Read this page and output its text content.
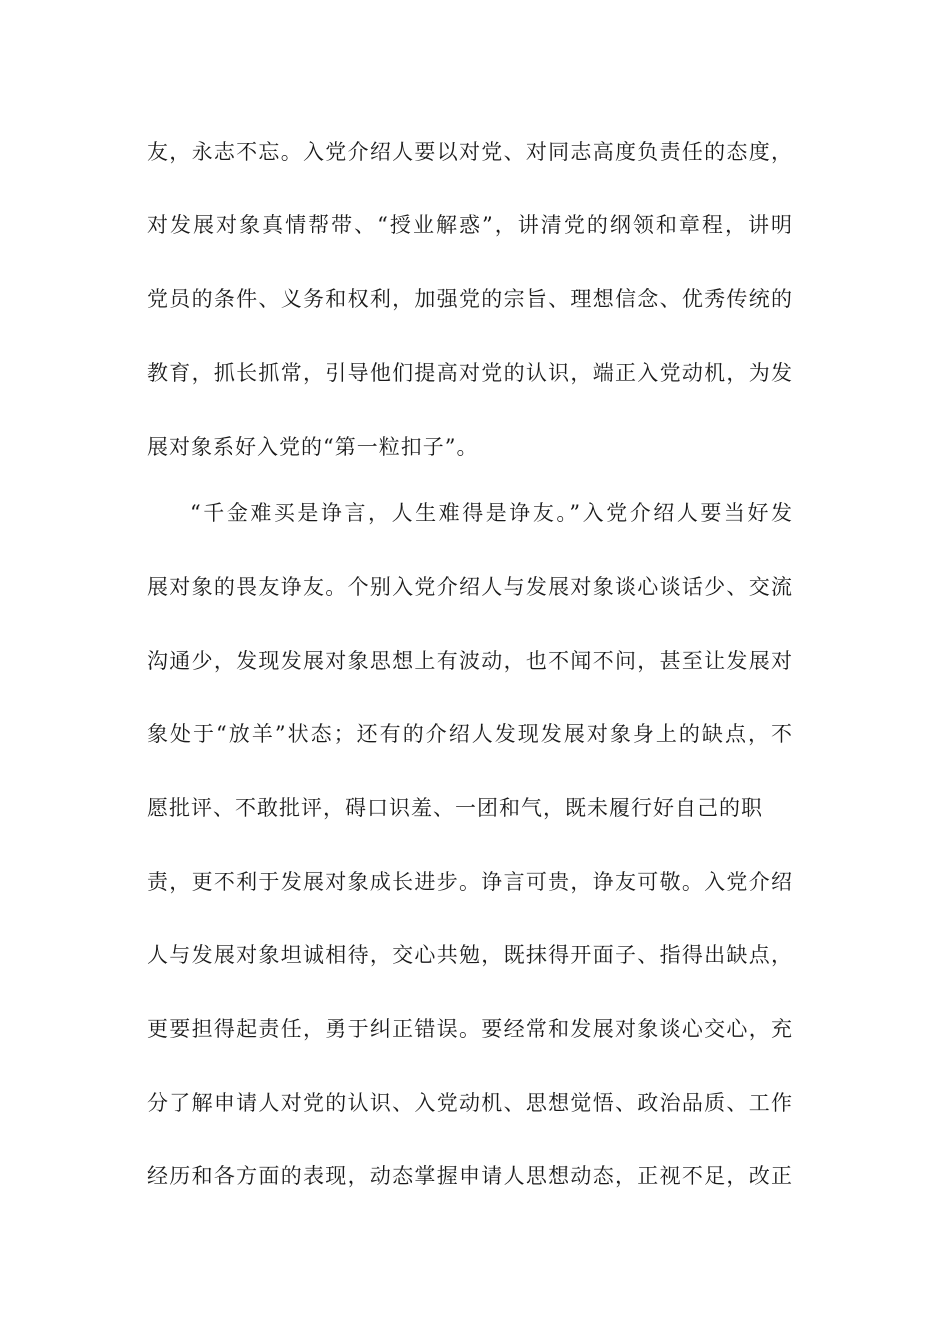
友，永志不忘。入党介绍人要以对党、对同志高度负责任的态度，
对发展对象真情帮带、“授业解惑”，讲清党的纲领和章程，讲明
党员的条件、义务和权利，加强党的宗旨、理想信念、优秀传统的
教育，抓长抓常，引导他们提高对党的认识，端正入党动机，为发
展对象系好入党的“第一粒扣子”。
“千金难买是诤言，人生难得是诤友。”入党介绍人要当好发
展对象的畏友诤友。个别入党介绍人与发展对象谈心谈话少、交流
沟通少，发现发展对象思想上有波动，也不闻不问，甚至让发展对
象处于“放羊”状态；还有的介绍人发现发展对象身上的缺点，不
愿批评、不敢批评，碍口识羞、一团和气，既未履行好自己的职
责，更不利于发展对象成长进步。诤言可贵，诤友可敬。入党介绍
人与发展对象坦诚相待，交心共勉，既抹得开面子、指得出缺点，
更要担得起责任，勇于纠正错误。要经常和发展对象谈心交心，充
分了解申请人对党的认识、入党动机、思想觉悟、政治品质、工作
经历和各方面的表现，动态掌握申请人思想动态，正视不足，改正
